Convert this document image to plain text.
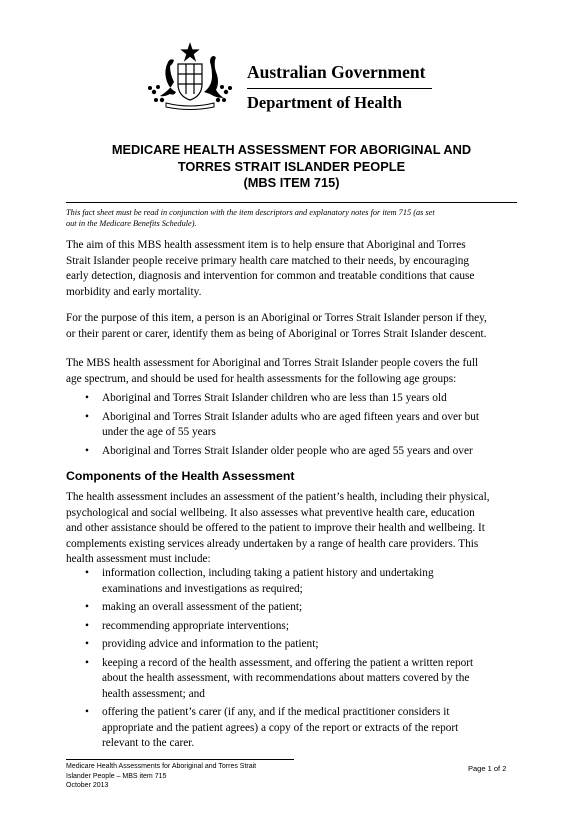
Australian Government
Department of Health
MEDICARE HEALTH ASSESSMENT FOR ABORIGINAL AND
TORRES STRAIT ISLANDER PEOPLE
(MBS ITEM 715)
This fact sheet must be read in conjunction with the item descriptors and explanatory notes for item 715 (as set
out in the Medicare Benefits Schedule).
The aim of this MBS health assessment item is to help ensure that Aboriginal and Torres
Strait Islander people receive primary health care matched to their needs, by encouraging
early detection, diagnosis and intervention for common and treatable conditions that cause
morbidity and early mortality.
For the purpose of this item, a person is an Aboriginal or Torres Strait Islander person if they,
or their parent or carer, identify them as being of Aboriginal or Torres Strait Islander descent.
The MBS health assessment for Aboriginal and Torres Strait Islander people covers the full
age spectrum, and should be used for health assessments for the following age groups:
• Aboriginal and Torres Strait Islander children who are less than 15 years old
• Aboriginal and Torres Strait Islander adults who are aged fifteen years and over but
under the age of 55 years
• Aboriginal and Torres Strait Islander older people who are aged 55 years and over
Components of the Health Assessment
The health assessment includes an assessment of the patient’s health, including their physical,
psychological and social wellbeing. It also assesses what preventive health care, education
and other assistance should be offered to the patient to improve their health and wellbeing. It
complements existing services already undertaken by a range of health care providers. This
health assessment must include:
• information collection, including taking a patient history and undertaking
examinations and investigations as required;
• making an overall assessment of the patient;
• recommending appropriate interventions;
• providing advice and information to the patient;
• keeping a record of the health assessment, and offering the patient a written report
about the health assessment, with recommendations about matters covered by the
health assessment; and
• offering the patient’s carer (if any, and if the medical practitioner considers it
appropriate and the patient agrees) a copy of the report or extracts of the report
relevant to the carer.
Medicare Health Assessments for Aboriginal and Torres Strait
Islander People – MBS item 715
October 2013
Page 1 of 2
